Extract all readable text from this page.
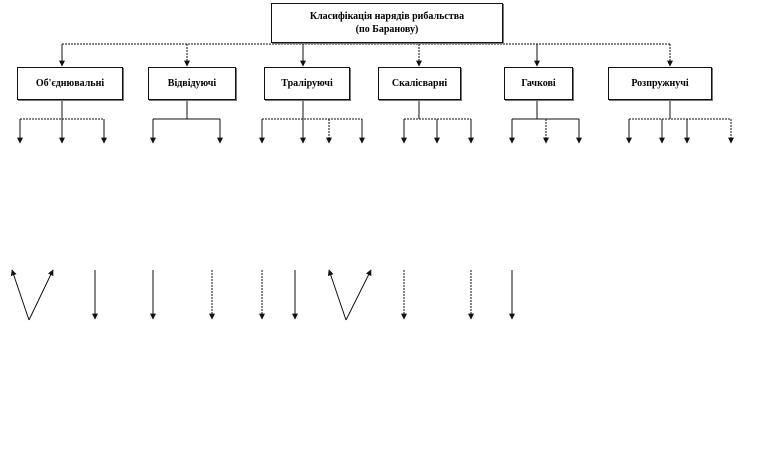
Класифікація нарядів рибальства
(по Баранову)
Об'єднювальні	Відвідуючі	Траліруючі	Скалісварні	Гачкові	Розпружнучі
